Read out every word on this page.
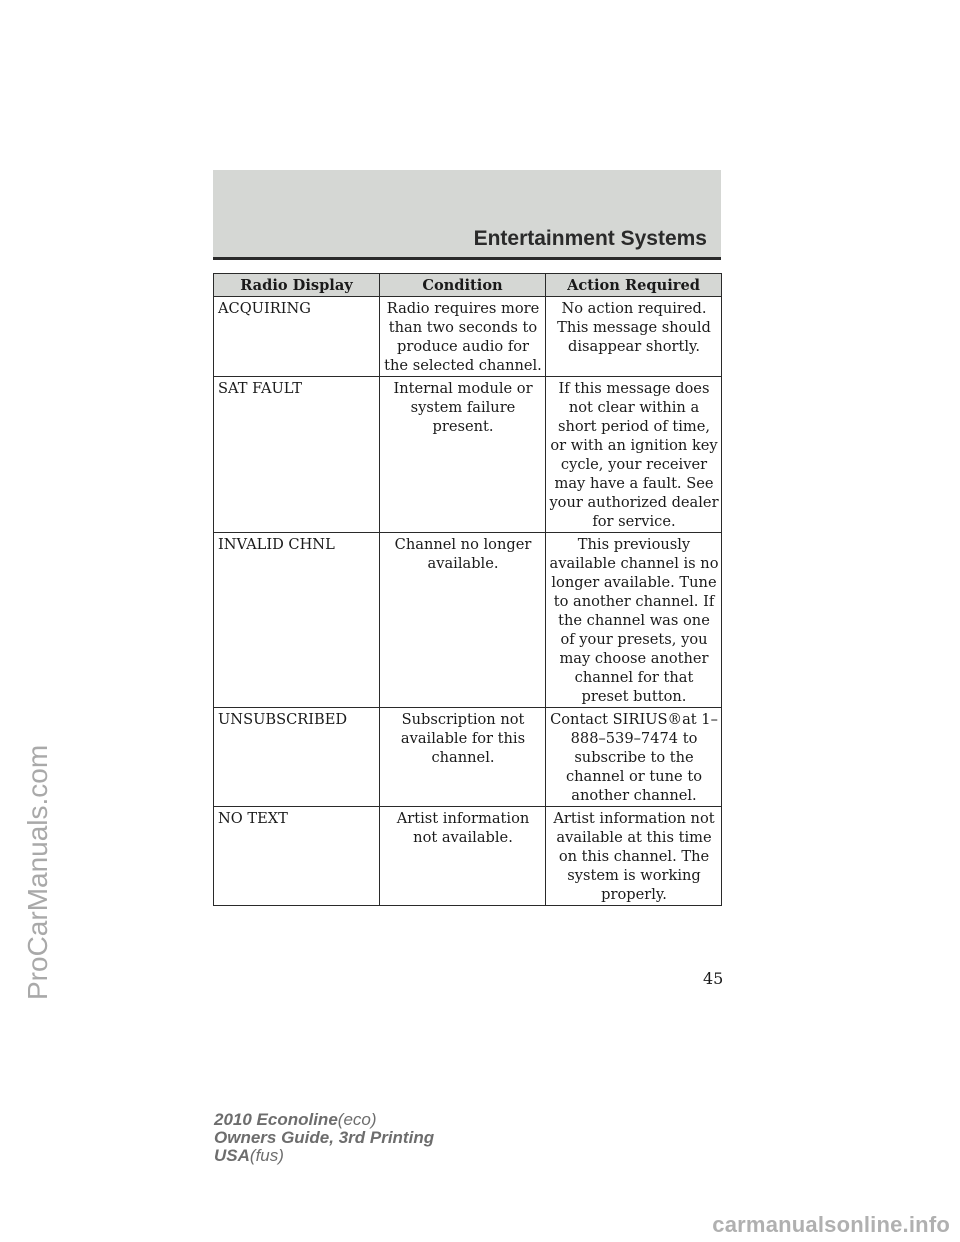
Entertainment Systems
Radio Display	Condition	Action Required
ACQUIRING	Radio requires more than two seconds to produce audio for the selected channel.	No action required. This message should disappear shortly.
SAT FAULT	Internal module or system failure present.	If this message does not clear within a short period of time, or with an ignition key cycle, your receiver may have a fault. See your authorized dealer for service.
INVALID CHNL	Channel no longer available.	This previously available channel is no longer available. Tune to another channel. If the channel was one of your presets, you may choose another channel for that preset button.
UNSUBSCRIBED	Subscription not available for this channel.	Contact SIRIUS®at 1–888–539–7474 to subscribe to the channel or tune to another channel.
NO TEXT	Artist information not available.	Artist information not available at this time on this channel. The system is working properly.
45
2010 Econoline(eco)
Owners Guide, 3rd Printing
USA(fus)
ProCarManuals.com
carmanualsonline.info
